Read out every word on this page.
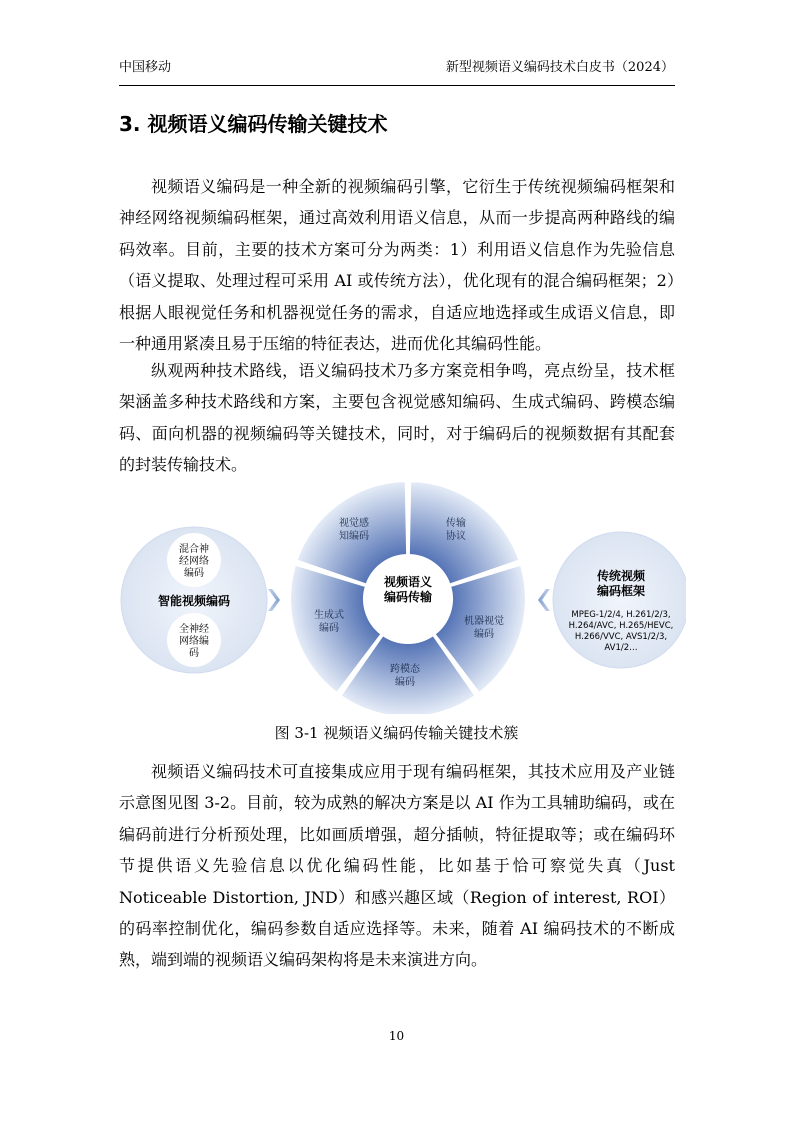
中国移动	新型视频语义编码技术白皮书（2024）
3. 视频语义编码传输关键技术

视频语义编码是一种全新的视频编码引擎，它衍生于传统视频编码框架和神经网络视频编码框架，通过高效利用语义信息，从而一步提高两种路线的编码效率。目前，主要的技术方案可分为两类：1）利用语义信息作为先验信息（语义提取、处理过程可采用 AI 或传统方法），优化现有的混合编码框架；2）根据人眼视觉任务和机器视觉任务的需求，自适应地选择或生成语义信息，即一种通用紧凑且易于压缩的特征表达，进而优化其编码性能。

纵观两种技术路线，语义编码技术乃多方案竞相争鸣，亮点纷呈，技术框架涵盖多种技术路线和方案，主要包含视觉感知编码、生成式编码、跨模态编码、面向机器的视频编码等关键技术，同时，对于编码后的视频数据有其配套的封装传输技术。

混合神
经网络
编码
智能视频编码
全神经
网络编
码
视频语义
编码传输
视觉感
知编码
传输
协议
机器视觉
编码
跨模态
编码
生成式
编码
传统视频
编码框架
MPEG-1/2/4, H.261/2/3,
H.264/AVC, H.265/HEVC,
H.266/VVC, AVS1/2/3,
AV1/2…
图 3-1 视频语义编码传输关键技术簇

视频语义编码技术可直接集成应用于现有编码框架，其技术应用及产业链示意图见图 3-2。目前，较为成熟的解决方案是以 AI 作为工具辅助编码，或在编码前进行分析预处理，比如画质增强，超分插帧，特征提取等；或在编码环节提供语义先验信息以优化编码性能，比如基于恰可察觉失真（Just Noticeable Distortion, JND）和感兴趣区域（Region of interest, ROI）的码率控制优化，编码参数自适应选择等。未来，随着 AI 编码技术的不断成熟，端到端的视频语义编码架构将是未来演进方向。

10
